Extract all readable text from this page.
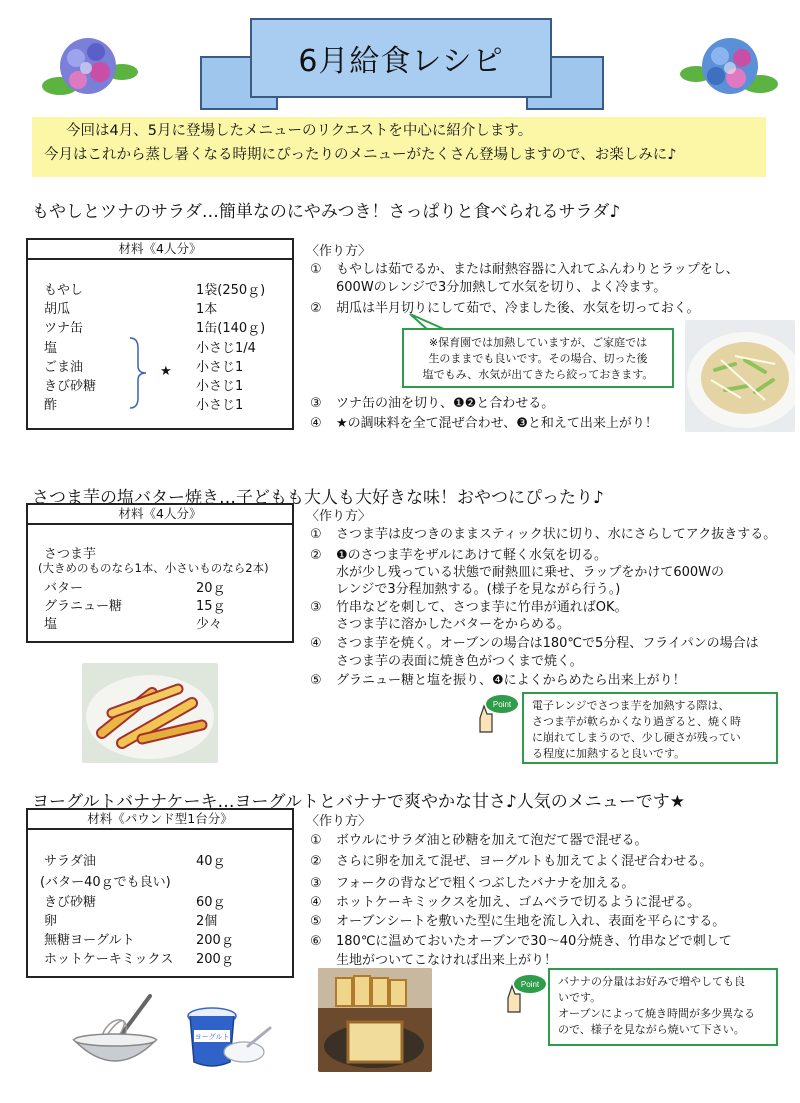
6月給食レシピ
今回は4月、5月に登場したメニューのリクエストを中心に紹介します。
今月はこれから蒸し暑くなる時期にぴったりのメニューがたくさん登場しますので、お楽しみに♪
もやしとツナのサラダ…簡単なのにやみつき！さっぱりと食べられるサラダ♪
材料《4人分》
もやし	1袋(250ｇ)
胡瓜	1本
ツナ缶	1缶(140ｇ)
塩	小さじ1/4
ごま油	小さじ1
きび砂糖	小さじ1
酢	小さじ1
★
〈作り方〉
① もやしは茹でるか、または耐熱容器に入れてふんわりとラップをし、
600Wのレンジで3分加熱して水気を切り、よく冷ます。
② 胡瓜は半月切りにして茹で、冷ました後、水気を切っておく。
③ ツナ缶の油を切り、❶❷と合わせる。
④ ★の調味料を全て混ぜ合わせ、❸と和えて出来上がり！
※保育園では加熱していますが、ご家庭では
生のままでも良いです。その場合、切った後
塩でもみ、水気が出てきたら絞っておきます。
さつま芋の塩バター焼き…子どもも大人も大好きな味！おやつにぴったり♪
材料《4人分》
さつま芋
(大きめのものなら1本、小さいものなら2本)
バター	20ｇ
グラニュー糖	15ｇ
塩	少々
〈作り方〉
① さつま芋は皮つきのままスティック状に切り、水にさらしてアク抜きする。
② ❶のさつま芋をザルにあけて軽く水気を切る。
水が少し残っている状態で耐熱皿に乗せ、ラップをかけて600Wの
レンジで3分程加熱する。(様子を見ながら行う。)
③ 竹串などを刺して、さつま芋に竹串が通ればOK。
さつま芋に溶かしたバターをからめる。
④ さつま芋を焼く。オーブンの場合は180℃で5分程、フライパンの場合は
さつま芋の表面に焼き色がつくまで焼く。
⑤ グラニュー糖と塩を振り、❹によくからめたら出来上がり！
Point 電子レンジでさつま芋を加熱する際は、
さつま芋が軟らかくなり過ぎると、焼く時
に崩れてしまうので、少し硬さが残ってい
る程度に加熱すると良いです。
ヨーグルトバナナケーキ…ヨーグルトとバナナで爽やかな甘さ♪人気のメニューです★
材料《パウンド型1台分》
サラダ油	40ｇ
(バター40ｇでも良い)
きび砂糖	60ｇ
卵	2個
無糖ヨーグルト	200ｇ
ホットケーキミックス 200ｇ
〈作り方〉
① ボウルにサラダ油と砂糖を加えて泡だて器で混ぜる。
② さらに卵を加えて混ぜ、ヨーグルトも加えてよく混ぜ合わせる。
③ フォークの背などで粗くつぶしたバナナを加える。
④ ホットケーキミックスを加え、ゴムベラで切るように混ぜる。
⑤ オーブンシートを敷いた型に生地を流し入れ、表面を平らにする。
⑥ 180℃に温めておいたオーブンで30～40分焼き、竹串などで刺して
生地がついてこなければ出来上がり！
ヨーグルト
Point バナナの分量はお好みで増やしても良
いです。
オーブンによって焼き時間が多少異なる
ので、様子を見ながら焼いて下さい。
